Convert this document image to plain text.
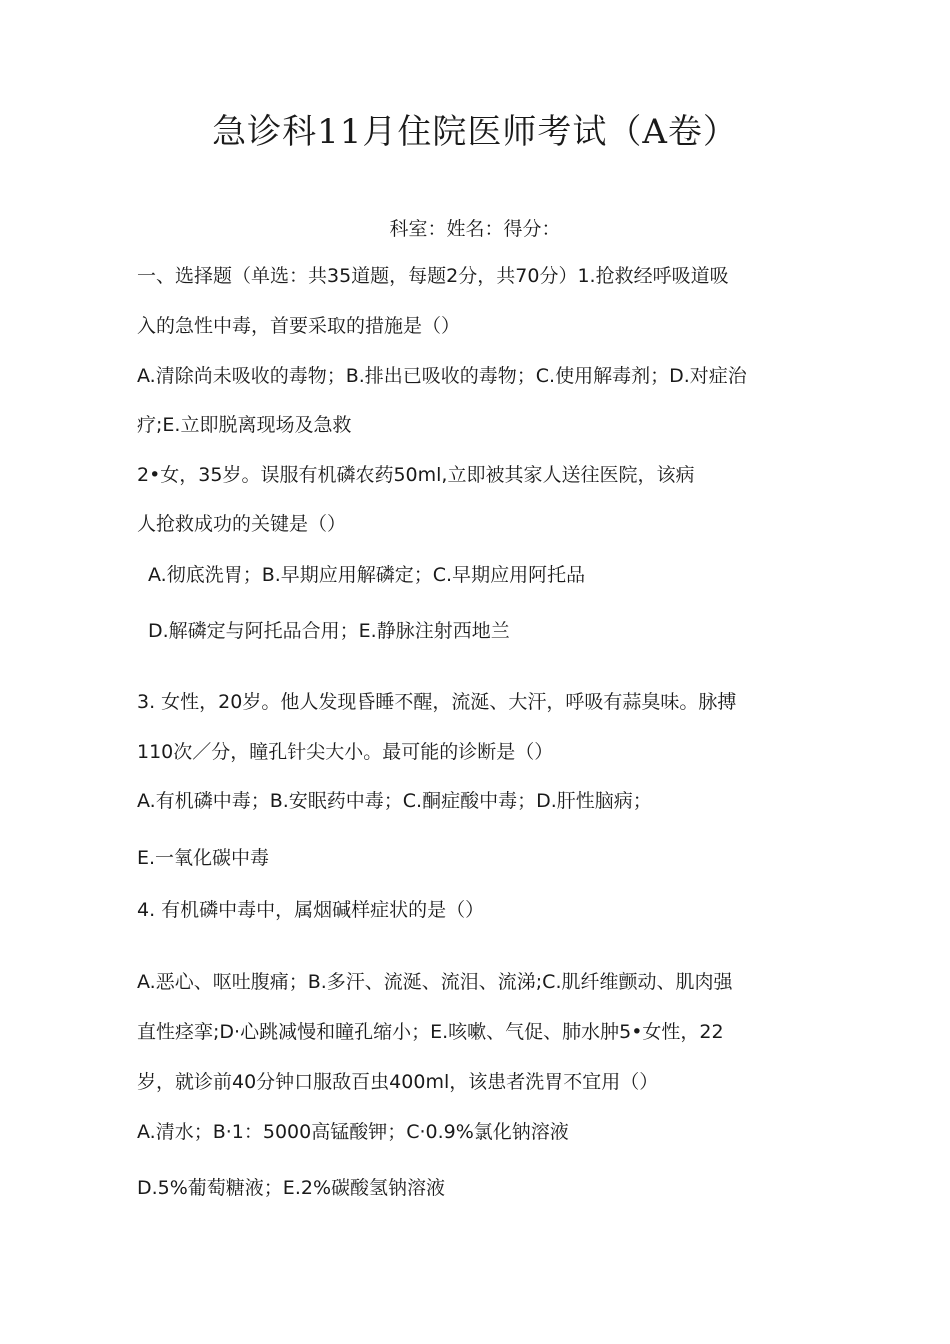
急诊科11月住院医师考试（A卷）

科室：姓名：得分：

一、选择题（单选：共35道题，每题2分，共70分）1.抢救经呼吸道吸

入的急性中毒，首要采取的措施是（）

A.清除尚未吸收的毒物；B.排出已吸收的毒物；C.使用解毒剂；D.对症治

疗;E.立即脱离现场及急救

2•女，35岁。误服有机磷农药50ml,立即被其家人送往医院，该病

人抢救成功的关键是（）

A.彻底洗胃；B.早期应用解磷定；C.早期应用阿托品

D.解磷定与阿托品合用；E.静脉注射西地兰

3. 女性，20岁。他人发现昏睡不醒，流涎、大汗，呼吸有蒜臭味。脉搏

110次／分，瞳孔针尖大小。最可能的诊断是（）

A.有机磷中毒；B.安眠药中毒；C.酮症酸中毒；D.肝性脑病；

E.一氧化碳中毒

4. 有机磷中毒中，属烟碱样症状的是（）

A.恶心、呕吐腹痛；B.多汗、流涎、流泪、流涕;C.肌纤维颤动、肌肉强

直性痉挛;D·心跳减慢和瞳孔缩小；E.咳嗽、气促、肺水肿5•女性，22

岁，就诊前40分钟口服敌百虫400ml，该患者洗胃不宜用（）

A.清水；B·1：5000高锰酸钾；C·0.9%氯化钠溶液

D.5%葡萄糖液；E.2%碳酸氢钠溶液
